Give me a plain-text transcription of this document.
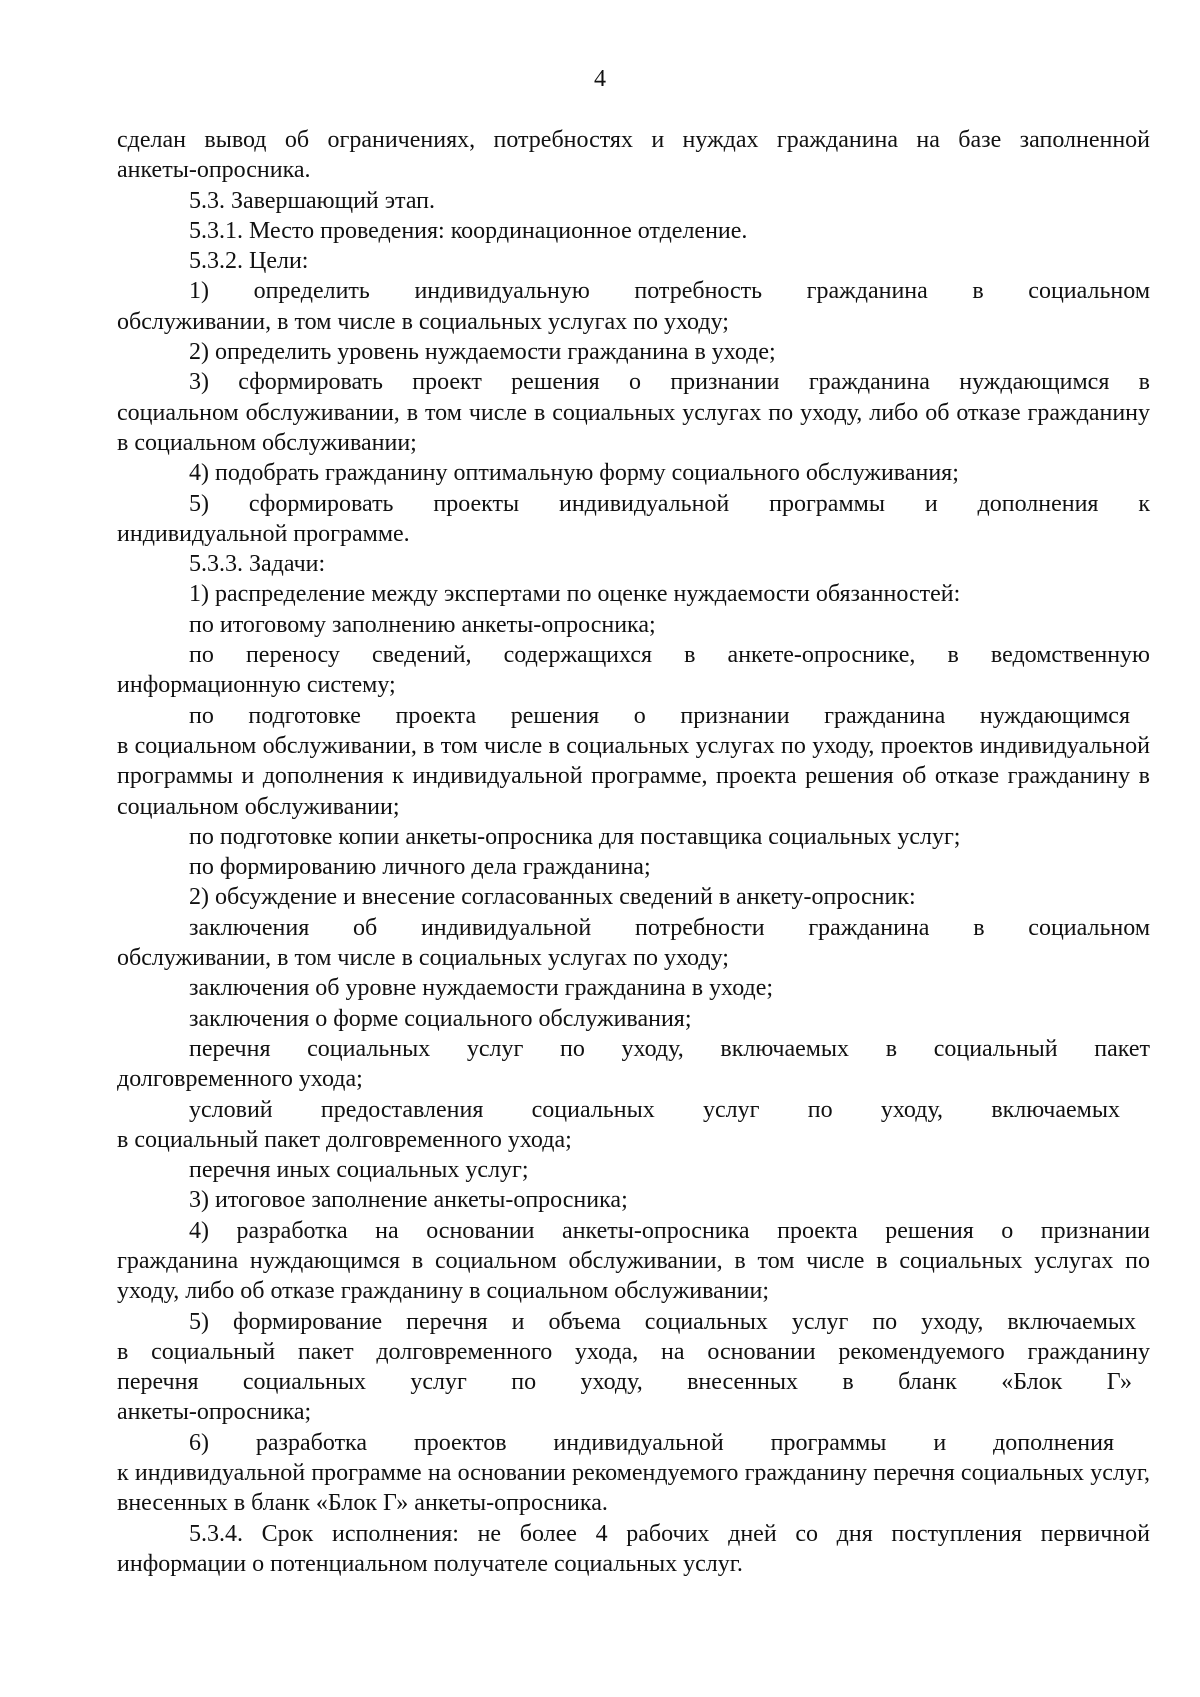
4
сделан вывод об ограничениях, потребностях и нуждах гражданина на базе заполненной
анкеты-опросника.
5.3. Завершающий этап.
5.3.1. Место проведения: координационное отделение.
5.3.2. Цели:
1) определить индивидуальную потребность гражданина в социальном
обслуживании, в том числе в социальных услугах по уходу;
2) определить уровень нуждаемости гражданина в уходе;
3) сформировать проект решения о признании гражданина нуждающимся в
социальном обслуживании, в том числе в социальных услугах по уходу, либо об отказе гражданину в социальном обслуживании;
4) подобрать гражданину оптимальную форму социального обслуживания;
5) сформировать проекты индивидуальной программы и дополнения к
индивидуальной программе.
5.3.3. Задачи:
1) распределение между экспертами по оценке нуждаемости обязанностей:
по итоговому заполнению анкеты-опросника;
по переносу сведений, содержащихся в анкете-опроснике, в ведомственную
информационную систему;
по подготовке проекта решения о признании гражданина нуждающимся
в социальном обслуживании, в том числе в социальных услугах по уходу, проектов индивидуальной программы и дополнения к индивидуальной программе, проекта решения об отказе гражданину в социальном обслуживании;
по подготовке копии анкеты-опросника для поставщика социальных услуг;
по формированию личного дела гражданина;
2) обсуждение и внесение согласованных сведений в анкету-опросник:
заключения об индивидуальной потребности гражданина в социальном
обслуживании, в том числе в социальных услугах по уходу;
заключения об уровне нуждаемости гражданина в уходе;
заключения о форме социального обслуживания;
перечня социальных услуг по уходу, включаемых в социальный пакет
долговременного ухода;
условий предоставления социальных услуг по уходу, включаемых
в социальный пакет долговременного ухода;
перечня иных социальных услуг;
3) итоговое заполнение анкеты-опросника;
4) разработка на основании анкеты-опросника проекта решения о признании
гражданина нуждающимся в социальном обслуживании, в том числе в социальных услугах по уходу, либо об отказе гражданину в социальном обслуживании;
5) формирование перечня и объема социальных услуг по уходу, включаемых
в социальный пакет долговременного ухода, на основании рекомендуемого гражданину
перечня социальных услуг по уходу, внесенных в бланк «Блок Г»
анкеты-опросника;
6) разработка проектов индивидуальной программы и дополнения
к индивидуальной программе на основании рекомендуемого гражданину перечня социальных услуг, внесенных в бланк «Блок Г» анкеты-опросника.
5.3.4. Срок исполнения: не более 4 рабочих дней со дня поступления первичной
информации о потенциальном получателе социальных услуг.
